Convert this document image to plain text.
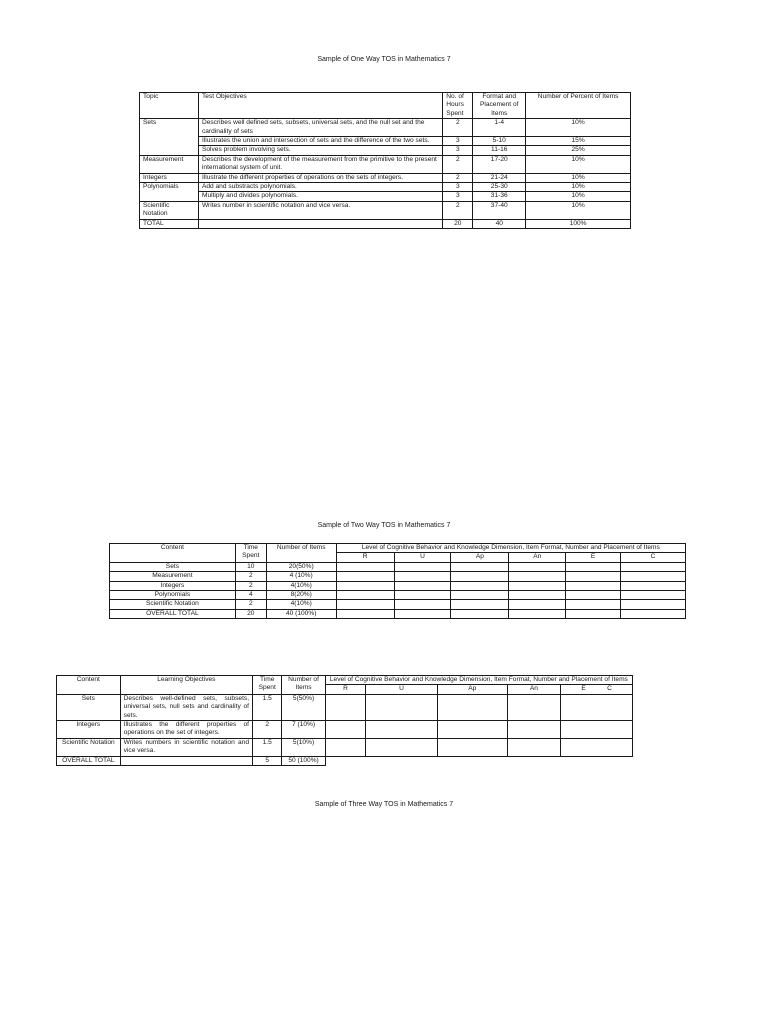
Sample of One Way TOS in Mathematics 7
Topic	Test Objectives	No. of Hours Spent	Format and Placement of Items	Number of Percent of Items
Sets	Describes well defined sets, subsets, universal sets, and the null set and the cardinality of sets	2	1-4	10%
	Illustrates the union and intersection of sets and the difference of the two sets.	3	5-10	15%
	Solves problem involving sets.	3	11-16	25%
Measurement	Describes the development of the measurement from the primitive to the present international system of unit.	2	17-20	10%
Integers	Illustrate the different properties of operations on the sets of integers.	2	21-24	10%
Polynomials	Add and substracts polynomials.	3	25-30	10%
	Multiply and divides polynomials.	3	31-36	10%
Scientific Notation	Writes number in scientific notation and vice versa.	2	37-40	10%
TOTAL		20	40	100%
Sample of Two Way TOS in Mathematics 7
Content	Time Spent	Number of Items	Level of Cognitive Behavior and Knowledge Dimension, Item Format, Number and Placement of Items					
			R	U	Ap	An	E	C
Sets	10	20(50%)						
Measurement	2	4 (10%)						
Integers	2	4(10%)						
Polynomials	4	8(20%)						
Scientific Notation	2	4(10%)						
OVERALL TOTAL	20	40 (100%)						
Content	Learning Objectives	Time Spent	Number of Items	Level of Cognitive Behavior and Knowledge Dimension, Item Format, Number and Placement of Items				
				R	U	Ap	An	E C
Sets	Describes well-defined sets, subsets, universal sets, null sets and cardinality of sets.	1.5	5(50%)					
Integers	Illustrates the different properties of operations on the set of integers.	2	7 (10%)					
Scientific Notation	Writes numbers in scientific notation and vice versa.	1.5	5(10%)					
OVERALL TOTAL		5	50 (100%)					
Sample of Three Way TOS in Mathematics 7
